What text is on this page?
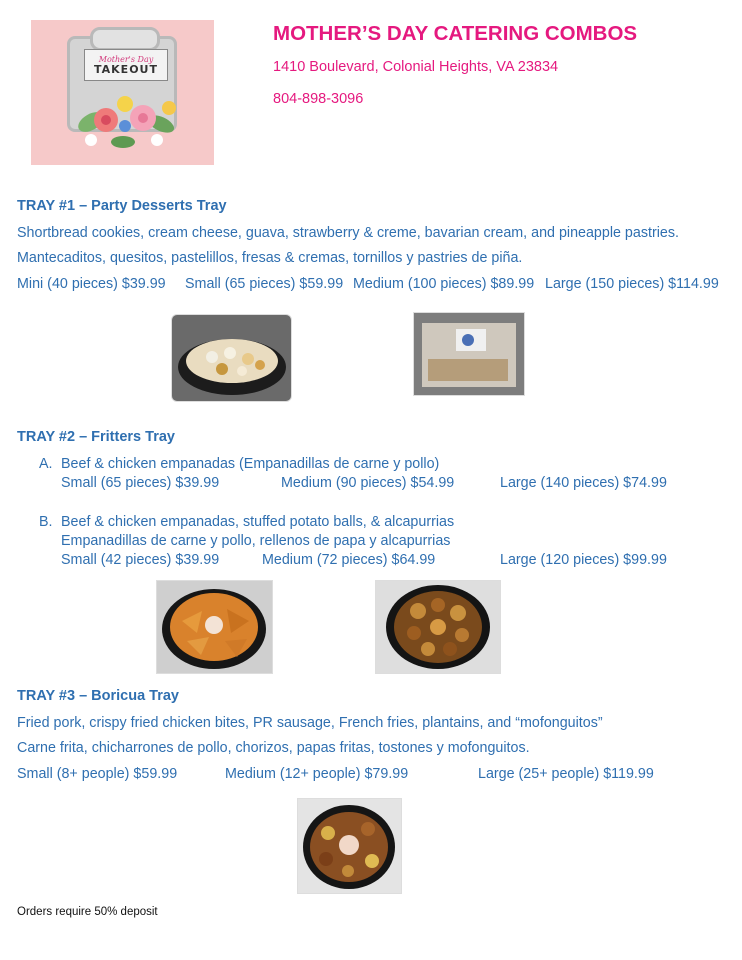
Mother's Day
TAKEOUT
MOTHER’S DAY CATERING COMBOS
1410 Boulevard, Colonial Heights, VA 23834
804-898-3096
TRAY #1 – Party Desserts Tray
Shortbread cookies, cream cheese, guava, strawberry & creme, bavarian cream, and pineapple pastries.
Mantecaditos, quesitos, pastelillos, fresas & cremas, tornillos y pastries de piña.
Mini (40 pieces) $39.99 Small (65 pieces) $59.99 Medium (100 pieces) $89.99 Large (150 pieces) $114.99
TRAY #2 – Fritters Tray
A. Beef & chicken empanadas (Empanadillas de carne y pollo)
Small (65 pieces) $39.99	Medium (90 pieces) $54.99	Large (140 pieces) $74.99
B. Beef & chicken empanadas, stuffed potato balls, & alcapurrias
Empanadillas de carne y pollo, rellenos de papa y alcapurrias
Small (42 pieces) $39.99	Medium (72 pieces) $64.99	Large (120 pieces) $99.99
TRAY #3 – Boricua Tray
Fried pork, crispy fried chicken bites, PR sausage, French fries, plantains, and “mofonguitos”
Carne frita, chicharrones de pollo, chorizos, papas fritas, tostones y mofonguitos.
Small (8+ people) $59.99	Medium (12+ people) $79.99	Large (25+ people) $119.99
Orders require 50% deposit
